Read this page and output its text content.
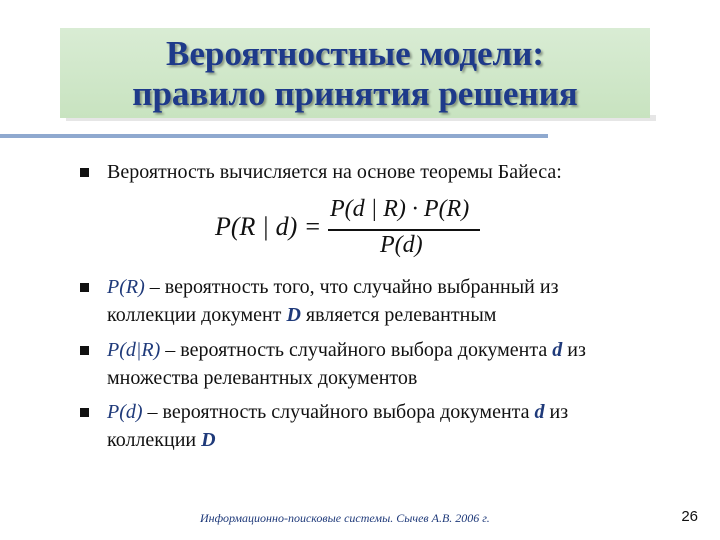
Вероятностные модели:
правило принятия решения
Вероятность вычисляется на основе теоремы Байеса:
P(R | d) =
P(d | R) · P(R)
P(d)
P(R) – вероятность того, что случайно выбранный из
коллекции документ D является релевантным
P(d|R) – вероятность случайного выбора документа d из
множества релевантных документов
P(d) – вероятность случайного выбора документа d из
коллекции D
Информационно-поисковые системы. Сычев А.В. 2006 г.	26
